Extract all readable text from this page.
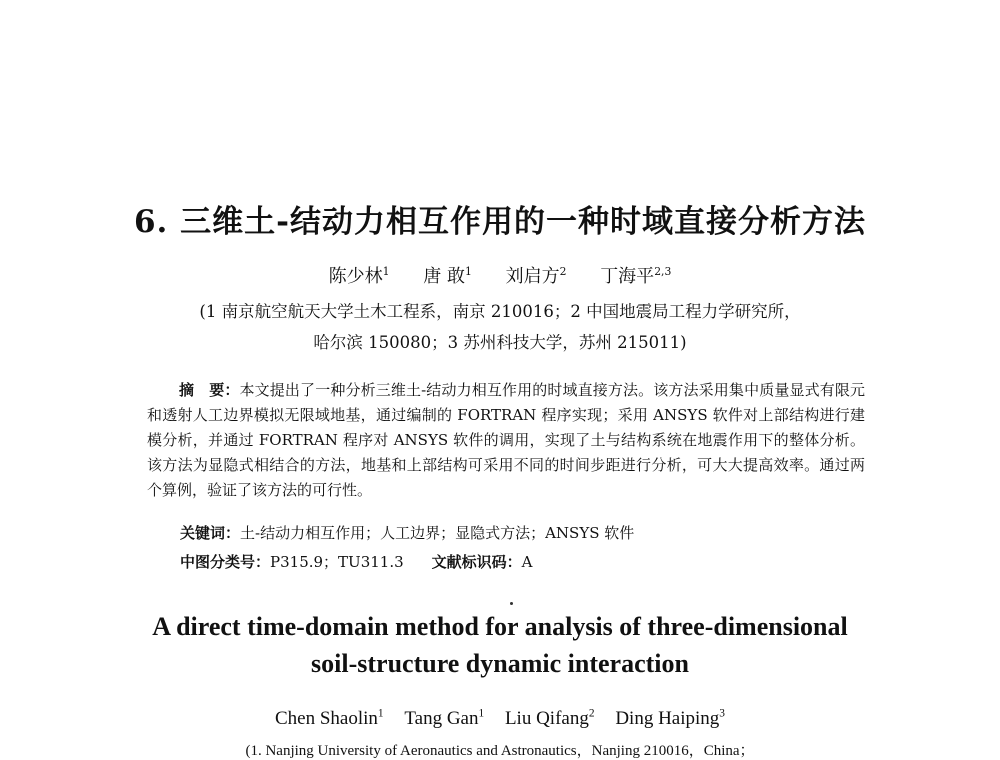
6. 三维土-结动力相互作用的一种时域直接分析方法
陈少林$^1$ 唐 敢$^1$ 刘启方$^2$ 丁海平$^{2,3}$
(1 南京航空航天大学土木工程系，南京 210016；2 中国地震局工程力学研究所，
哈尔滨 150080；3 苏州科技大学，苏州 215011)
摘　要：本文提出了一种分析三维土-结动力相互作用的时域直接方法。该方法采用集中质量显式有限元和透射人工边界模拟无限域地基，通过编制的 FORTRAN 程序实现；采用 ANSYS 软件对上部结构进行建模分析，并通过 FORTRAN 程序对 ANSYS 软件的调用，实现了土与结构系统在地震作用下的整体分析。该方法为显隐式相结合的方法，地基和上部结构可采用不同的时间步距进行分析，可大大提高效率。通过两个算例，验证了该方法的可行性。
关键词：土-结动力相互作用；人工边界；显隐式方法；ANSYS 软件
中图分类号：P315.9；TU311.3 文献标识码：A
A direct time-domain method for analysis of three-dimensional
soil-structure dynamic interaction
Chen Shaolin$^1$ Tang Gan$^1$ Liu Qifang$^2$ Ding Haiping$^3$
(1. Nanjing University of Aeronautics and Astronautics，Nanjing 210016，China；
